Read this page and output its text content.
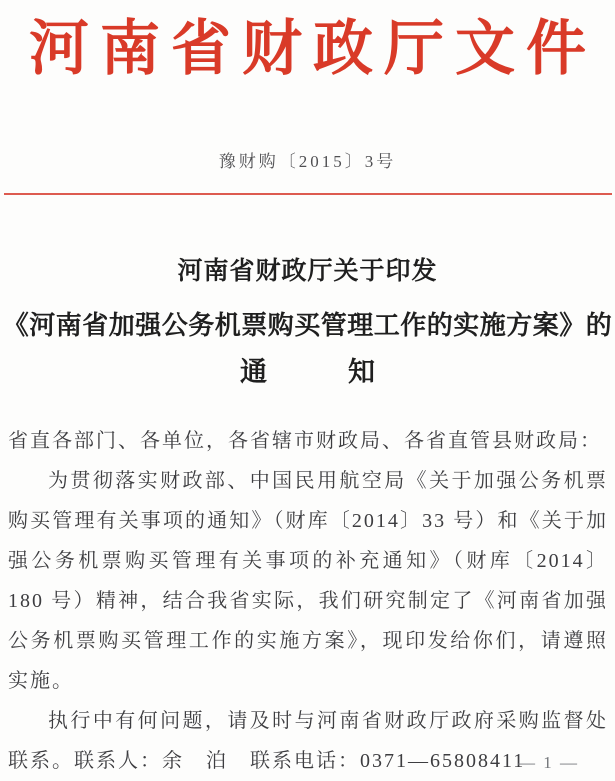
河南省财政厅文件
豫财购〔2015〕3号
河南省财政厅关于印发
《河南省加强公务机票购买管理工作的实施方案》的
通　　　知

省直各部门、各单位，各省辖市财政局、各省直管县财政局：

为贯彻落实财政部、中国民用航空局《关于加强公务机票购买管理有关事项的通知》（财库〔2014〕33 号）和《关于加强公务机票购买管理有关事项的补充通知》（财库〔2014〕180 号）精神，结合我省实际，我们研究制定了《河南省加强公务机票购买管理工作的实施方案》，现印发给你们，请遵照实施。

执行中有何问题，请及时与河南省财政厅政府采购监督处联系。联系人：余　泊　联系电话：0371—65808411

— 1 —
